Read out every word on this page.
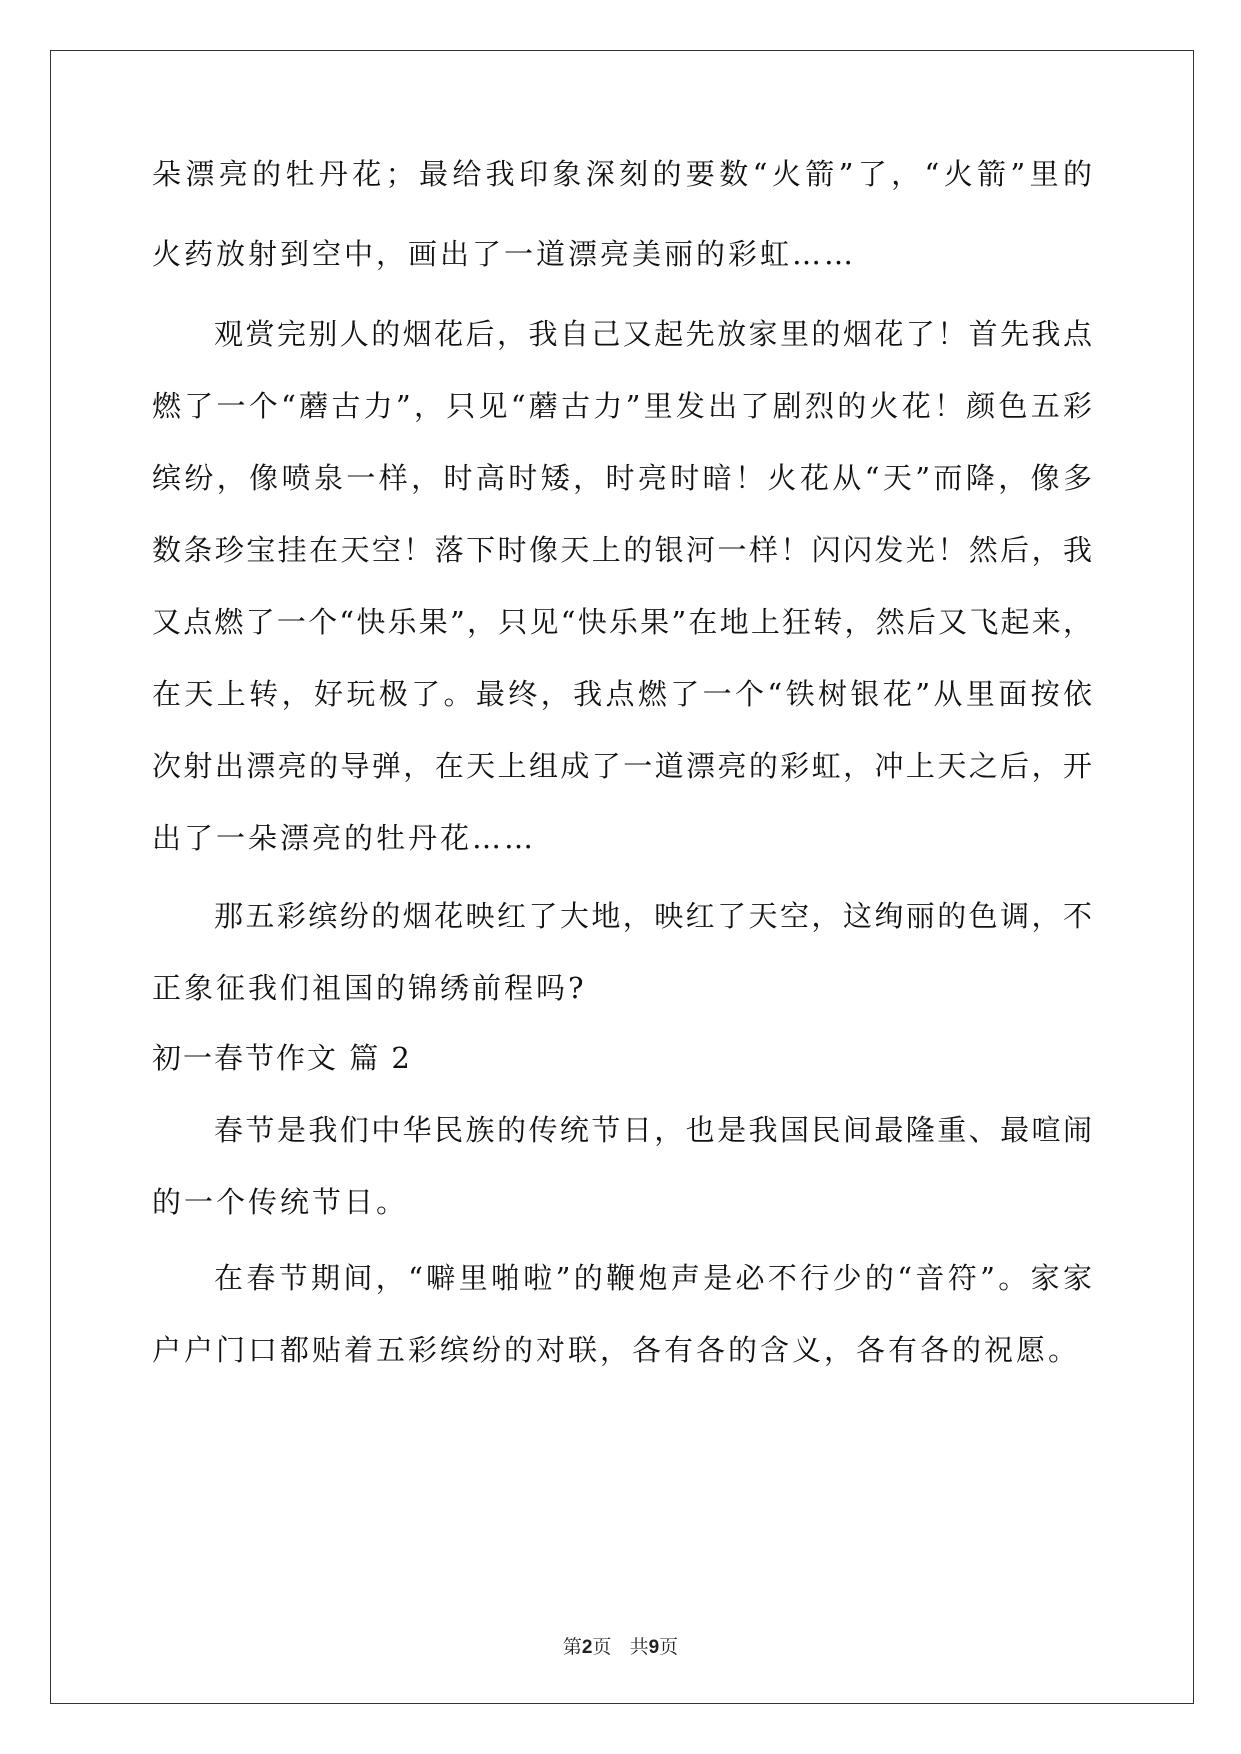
朵漂亮的牡丹花；最给我印象深刻的要数“火箭”了，“火箭”里的
火药放射到空中，画出了一道漂亮美丽的彩虹……
观赏完别人的烟花后，我自己又起先放家里的烟花了！首先我点
燃了一个“蘑古力”，只见“蘑古力”里发出了剧烈的火花！颜色五彩
缤纷，像喷泉一样，时高时矮，时亮时暗！火花从“天”而降，像多
数条珍宝挂在天空！落下时像天上的银河一样！闪闪发光！然后，我
又点燃了一个“快乐果”，只见“快乐果”在地上狂转，然后又飞起来，
在天上转，好玩极了。最终，我点燃了一个“铁树银花”从里面按依
次射出漂亮的导弹，在天上组成了一道漂亮的彩虹，冲上天之后，开
出了一朵漂亮的牡丹花……
那五彩缤纷的烟花映红了大地，映红了天空，这绚丽的色调，不
正象征我们祖国的锦绣前程吗?
初一春节作文 篇 2
春节是我们中华民族的传统节日，也是我国民间最隆重、最喧闹
的一个传统节日。
在春节期间，“噼里啪啦”的鞭炮声是必不行少的“音符”。家家
户户门口都贴着五彩缤纷的对联，各有各的含义，各有各的祝愿。
第2页 共9页
